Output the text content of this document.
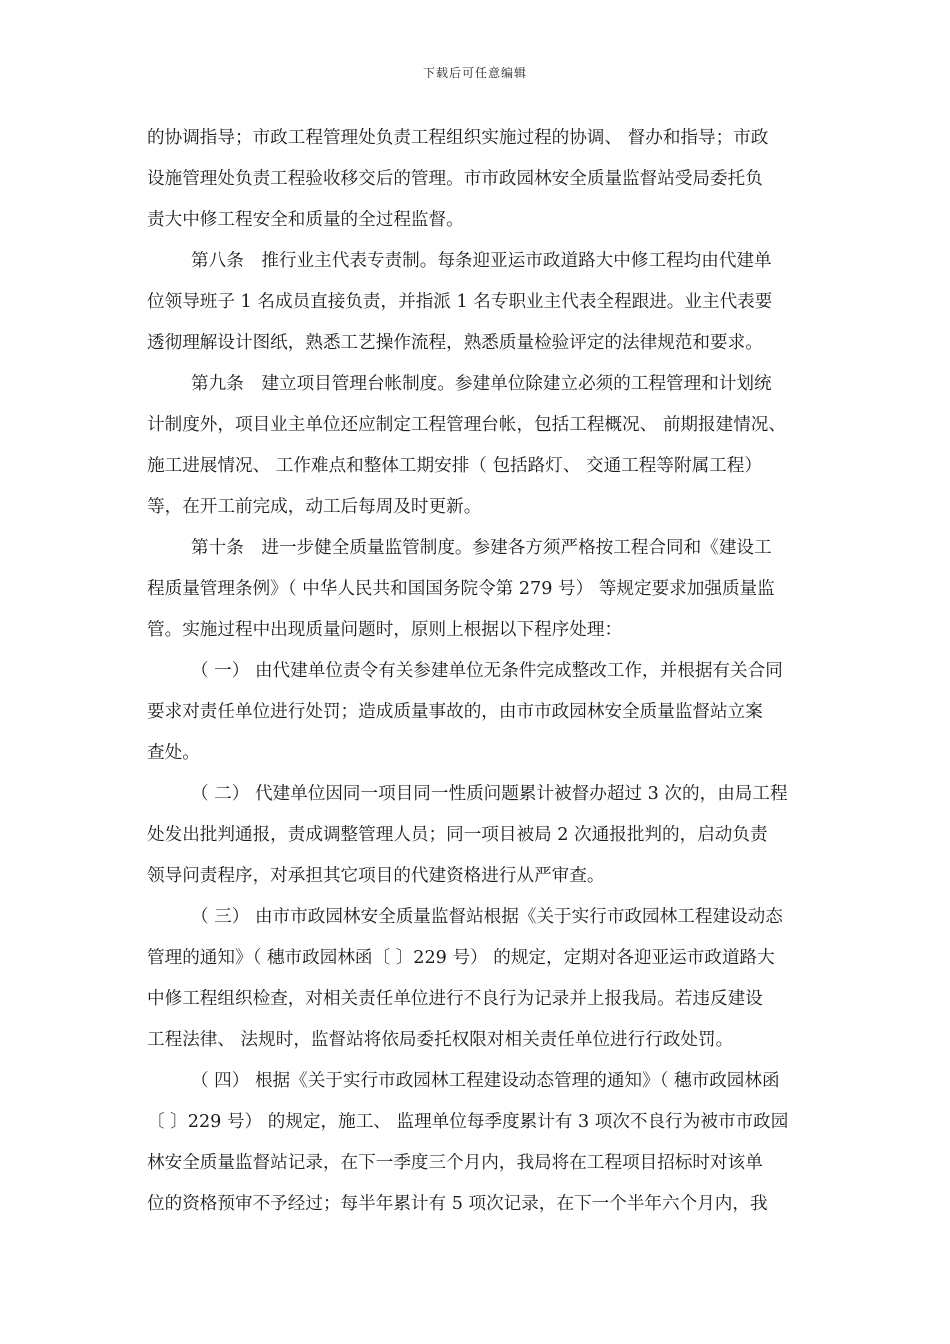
下载后可任意编辑
的协调指导；市政工程管理处负责工程组织实施过程的协调、 督办和指导；市政
设施管理处负责工程验收移交后的管理。市市政园林安全质量监督站受局委托负
责大中修工程安全和质量的全过程监督。
第八条　推行业主代表专责制。每条迎亚运市政道路大中修工程均由代建单
位领导班子 1 名成员直接负责，并指派 1 名专职业主代表全程跟进。业主代表要
透彻理解设计图纸，熟悉工艺操作流程，熟悉质量检验评定的法律规范和要求。
第九条　建立项目管理台帐制度。参建单位除建立必须的工程管理和计划统
计制度外，项目业主单位还应制定工程管理台帐，包括工程概况、 前期报建情况、
施工进展情况、 工作难点和整体工期安排（ 包括路灯、 交通工程等附属工程）
等，在开工前完成，动工后每周及时更新。
第十条　进一步健全质量监管制度。参建各方须严格按工程合同和《建设工
程质量管理条例》（ 中华人民共和国国务院令第 279 号） 等规定要求加强质量监
管。实施过程中出现质量问题时，原则上根据以下程序处理：
（ 一） 由代建单位责令有关参建单位无条件完成整改工作，并根据有关合同
要求对责任单位进行处罚；造成质量事故的，由市市政园林安全质量监督站立案
查处。
（ 二） 代建单位因同一项目同一性质问题累计被督办超过 3 次的，由局工程
处发出批判通报，责成调整管理人员；同一项目被局 2 次通报批判的，启动负责
领导问责程序，对承担其它项目的代建资格进行从严审查。
（ 三） 由市市政园林安全质量监督站根据《关于实行市政园林工程建设动态
管理的通知》（ 穗市政园林函〔 〕229 号） 的规定，定期对各迎亚运市政道路大
中修工程组织检查，对相关责任单位进行不良行为记录并上报我局。若违反建设
工程法律、 法规时，监督站将依局委托权限对相关责任单位进行行政处罚。
（ 四） 根据《关于实行市政园林工程建设动态管理的通知》（ 穗市政园林函
〔 〕229 号） 的规定，施工、 监理单位每季度累计有 3 项次不良行为被市市政园
林安全质量监督站记录，在下一季度三个月内，我局将在工程项目招标时对该单
位的资格预审不予经过；每半年累计有 5 项次记录，在下一个半年六个月内，我
